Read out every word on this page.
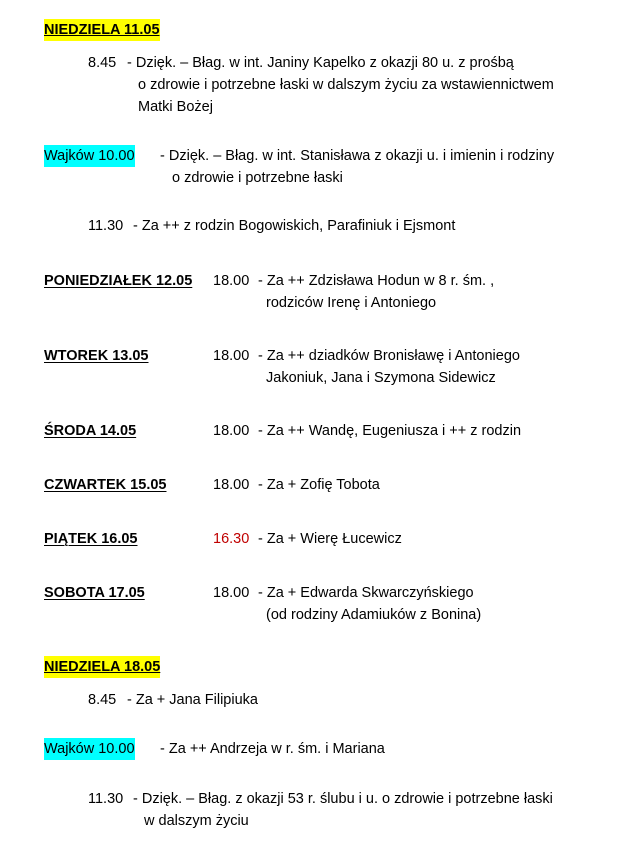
NIEDZIELA 11.05
8.45 - Dzięk. – Błag. w int. Janiny Kapelko z okazji 80 u. z prośbą
o zdrowie i potrzebne łaski w dalszym życiu za wstawiennictwem
Matki Bożej
Wajków 10.00 - Dzięk. – Błag. w int. Stanisława z okazji u. i imienin i rodziny
o zdrowie i potrzebne łaski
11.30 - Za ++ z rodzin Bogowiskich, Parafiniuk i Ejsmont
PONIEDZIAŁEK 12.05	18.00 - Za ++ Zdzisława Hodun w 8 r. śm. ,
rodziców Irenę i Antoniego
WTOREK 13.05	18.00 - Za ++ dziadków Bronisławę i Antoniego
Jakoniuk, Jana i Szymona Sidewicz
ŚRODA 14.05	18.00 - Za ++ Wandę, Eugeniusza i ++ z rodzin
CZWARTEK 15.05	18.00 - Za + Zofię Tobota
PIĄTEK 16.05	16.30 - Za + Wierę Łucewicz
SOBOTA 17.05	18.00 - Za + Edwarda Skwarczyńskiego
(od rodziny Adamiuków z Bonina)
NIEDZIELA 18.05
8.45 - Za + Jana Filipiuka
Wajków 10.00 - Za ++ Andrzeja w r. śm. i Mariana
11.30 - Dzięk. – Błag. z okazji 53 r. ślubu i u. o zdrowie i potrzebne łaski
w dalszym życiu
